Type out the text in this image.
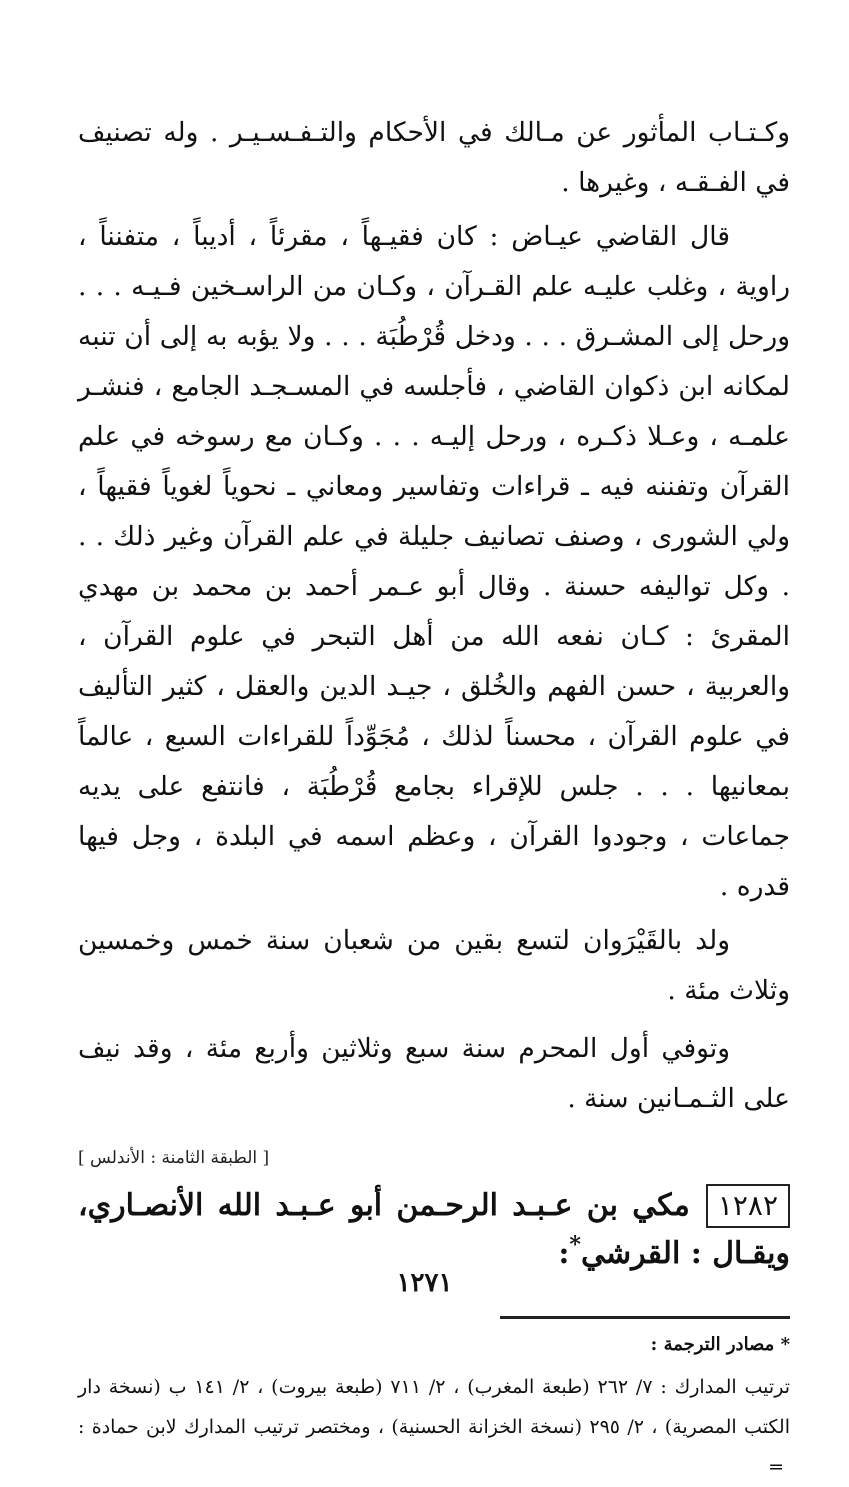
وكـتـاب المأثور عن مـالك في الأحكام والتـفـسـيـر . وله تصنيف في الفـقـه ، وغيرها .

قال القاضي عيـاض : كان فقيـهاً ، مقرئاً ، أديباً ، متفنناً ، راوية ، وغلب عليـه علم القـرآن ، وكـان من الراسـخين فـيـه . . . ورحل إلى المشـرق . . . ودخل قُرْطُبَة . . . ولا يؤبه به إلى أن تنبه لمكانه ابن ذكوان القاضي ، فأجلسه في المسـجـد الجامع ، فنشـر علمـه ، وعـلا ذكـره ، ورحل إليـه . . . وكـان مع رسوخه في علم القرآن وتفننه فيه ـ قراءات وتفاسير ومعاني ـ نحوياً لغوياً فقيهاً ، ولي الشورى ، وصنف تصانيف جليلة في علم القرآن وغير ذلك . . . وكل تواليفه حسنة . وقال أبو عـمر أحمد بن محمد بن مهدي المقرئ : كـان نفعه الله من أهل التبحر في علوم القرآن ، والعربية ، حسن الفهم والخُلق ، جيـد الدين والعقل ، كثير التأليف في علوم القرآن ، محسناً لذلك ، مُجَوِّداً للقراءات السبع ، عالماً بمعانيها . . . جلس للإقراء بجامع قُرْطُبَة ، فانتفع على يديه جماعات ، وجودوا القرآن ، وعظم اسمه في البلدة ، وجل فيها قدره .

ولد بالقَيْرَوان لتسع بقين من شعبان سنة خمس وخمسين وثلاث مئة .

وتوفي أول المحرم سنة سبع وثلاثين وأربع مئة ، وقد نيف على الثـمـانين سنة .

[ الطبقة الثامنة : الأندلس ]
١٢٨٢مكي بن عـبـد الرحـمن أبو عـبـد الله الأنصـاري، ويقـال : القرشي*:
* مصادر الترجمة :
ترتيب المدارك : ٧/ ٢٦٢ (طبعة المغرب) ، ٢/ ٧١١ (طبعة بيروت) ، ٢/ ١٤١ ب (نسخة دار الكتب المصرية) ، ٢/ ٢٩٥ (نسخة الخزانة الحسنية) ، ومختصر ترتيب المدارك لابن حمادة : =
١٢٧١
